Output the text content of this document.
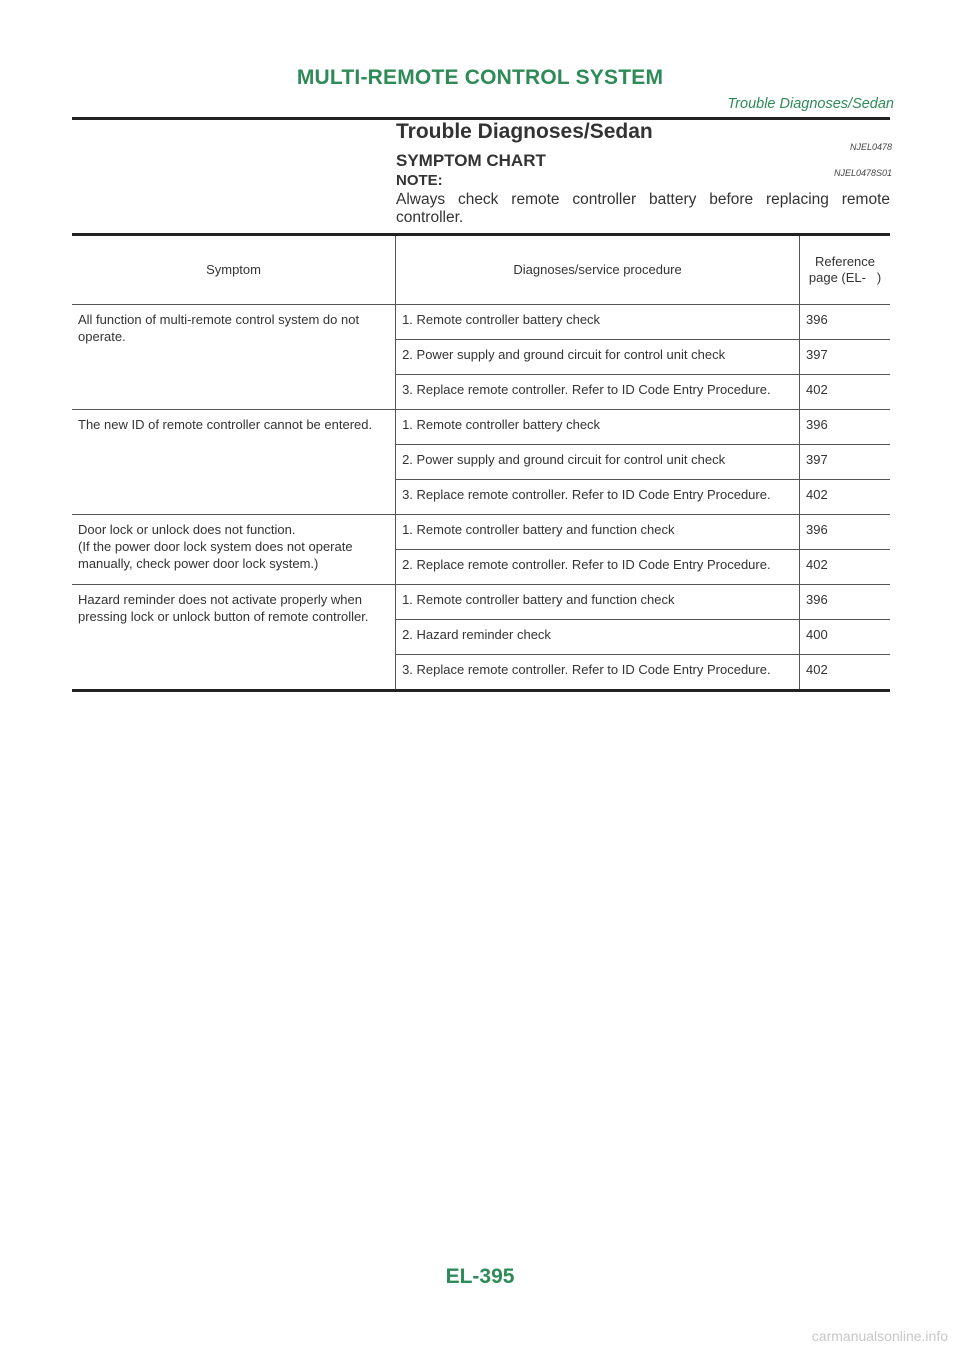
MULTI-REMOTE CONTROL SYSTEM
Trouble Diagnoses/Sedan
Trouble Diagnoses/Sedan
NJEL0478
SYMPTOM CHART
NJEL0478S01
NOTE:

Always check remote controller battery before replacing remote controller.

Symptom	Diagnoses/service procedure	Reference page (EL-   )
All function of multi-remote control system do not operate.	1. Remote controller battery check	396
	2. Power supply and ground circuit for control unit check	397
	3. Replace remote controller. Refer to ID Code Entry Procedure.	402
The new ID of remote controller cannot be entered.	1. Remote controller battery check	396
	2. Power supply and ground circuit for control unit check	397
	3. Replace remote controller. Refer to ID Code Entry Procedure.	402
Door lock or unlock does not function.
(If the power door lock system does not operate manually, check power door lock system.)	1. Remote controller battery and function check	396
	2. Replace remote controller. Refer to ID Code Entry Procedure.	402
Hazard reminder does not activate properly when pressing lock or unlock button of remote controller.	1. Remote controller battery and function check	396
	2. Hazard reminder check	400
	3. Replace remote controller. Refer to ID Code Entry Procedure.	402
EL-395
carmanualsonline.info
